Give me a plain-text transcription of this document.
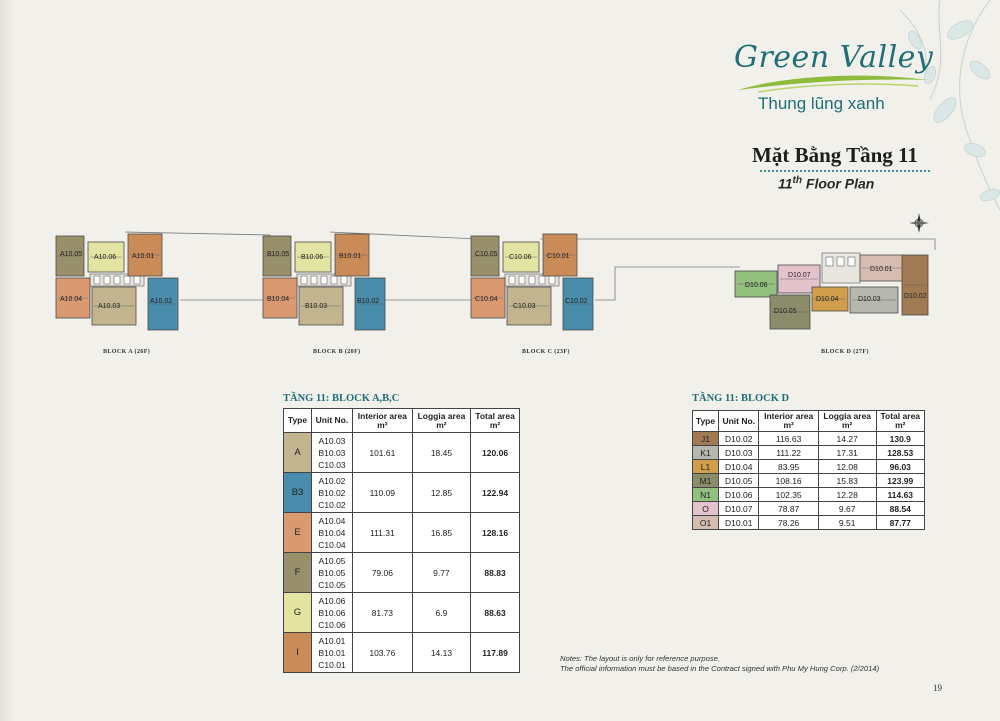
Green Valley
Thung lũng xanh
Mặt Bằng Tầng 11
11th Floor Plan
A10.05 A10.06 A10.01
A10.04
A10.03
A10.02
B10.05 B10.06 B10.01
B10.04
B10.03
B10.02
C10.05 C10.06 C10.01
C10.04
C10.03
C10.02
D10.06
D10.05
D10.07
D10.04	D10.03
D10.01
D10.02
BLOCK A (26F)	BLOCK B (20F)	BLOCK C (23F)	BLOCK D (27F)
TẦNG 11: BLOCK A,B,C
Type	Unit No.	Interior area
m²	Loggia area
m²	Total area
m²
A	A10.03
B10.03
C10.03	101.61	18.45	120.06
B3	A10.02
B10.02
C10.02	110.09	12.85	122.94
E	A10.04
B10.04
C10.04	111.31	16.85	128.16
F	A10.05
B10.05
C10.05	79.06	9.77	88.83
G	A10.06
B10.06
C10.06	81.73	6.9	88.63
I	A10.01
B10.01
C10.01	103.76	14.13	117.89
TẦNG 11: BLOCK D
Type	Unit No.	Interior area
m²	Loggia area
m²	Total area
m²
J1	D10.02	116.63	14.27	130.9
K1	D10.03	111.22	17.31	128.53
L1	D10.04	83.95	12.08	96.03
M1	D10.05	108.16	15.83	123.99
N1	D10.06	102.35	12.28	114.63
O	D10.07	78.87	9.67	88.54
O1	D10.01	78.26	9.51	87.77
Notes: The layout is only for reference purpose.
The official information must be based in the Contract signed with Phu My Hung Corp. (2/2014)
19
